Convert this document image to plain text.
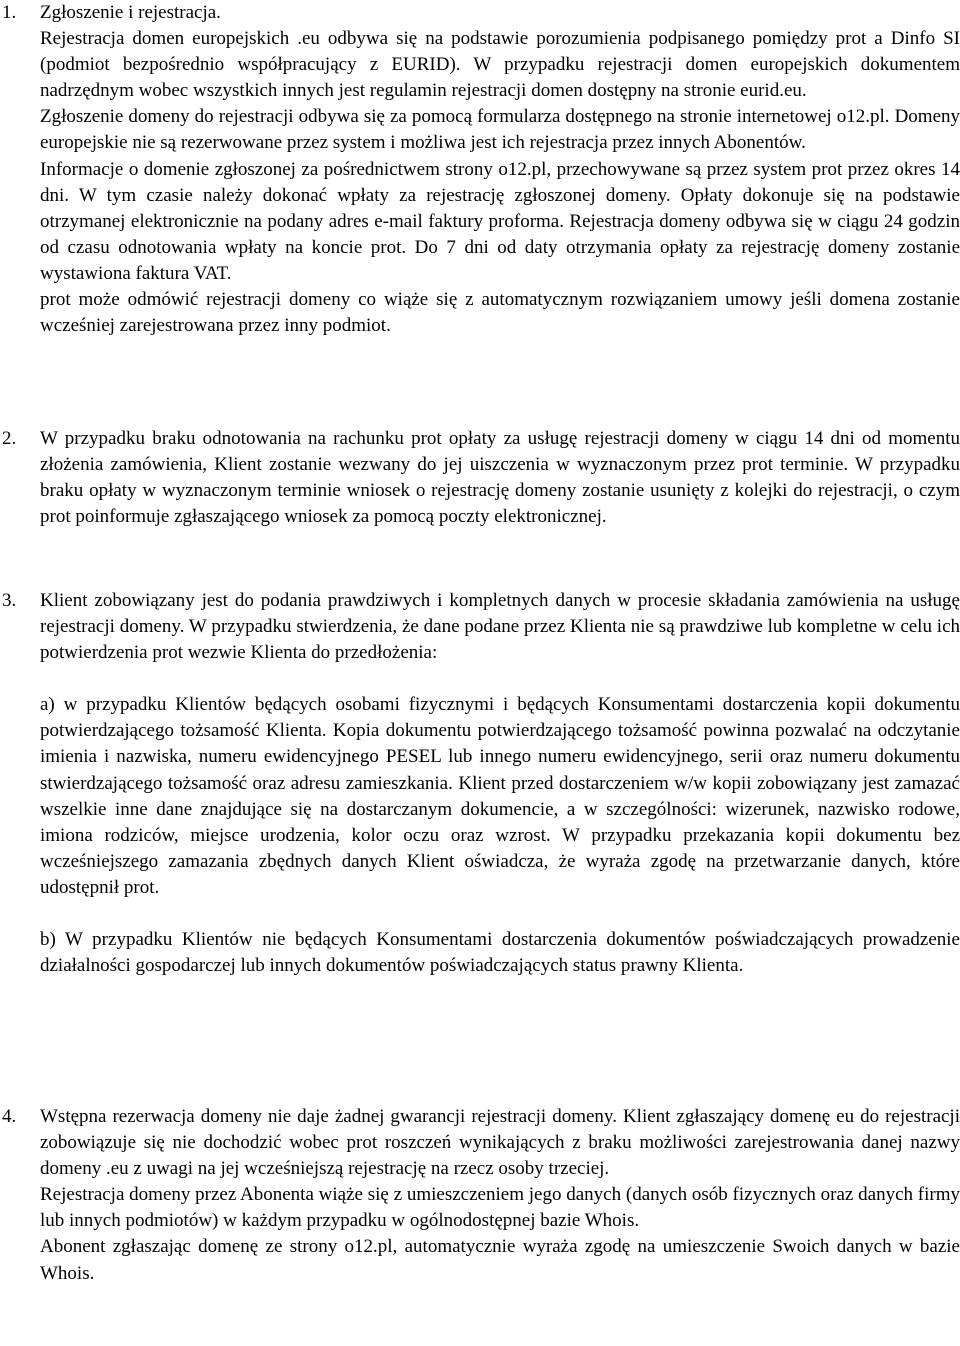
1.	Zgłoszenie i rejestracja.

Rejestracja domen europejskich .eu odbywa się na podstawie porozumienia podpisanego pomiędzy prot a Dinfo SI (podmiot bezpośrednio współpracujący z EURID). W przypadku rejestracji domen europejskich dokumentem nadrzędnym wobec wszystkich innych jest regulamin rejestracji domen dostępny na stronie eurid.eu.

Zgłoszenie domeny do rejestracji odbywa się za pomocą formularza dostępnego na stronie internetowej o12.pl. Domeny europejskie nie są rezerwowane przez system i możliwa jest ich rejestracja przez innych Abonentów.

Informacje o domenie zgłoszonej za pośrednictwem strony o12.pl, przechowywane są przez system prot przez okres 14 dni. W tym czasie należy dokonać wpłaty za rejestrację zgłoszonej domeny. Opłaty dokonuje się na podstawie otrzymanej elektronicznie na podany adres e-mail faktury proforma. Rejestracja domeny odbywa się w ciągu 24 godzin od czasu odnotowania wpłaty na koncie prot. Do 7 dni od daty otrzymania opłaty za rejestrację domeny zostanie wystawiona faktura VAT.

prot może odmówić rejestracji domeny co wiąże się z automatycznym rozwiązaniem umowy jeśli domena zostanie wcześniej zarejestrowana przez inny podmiot.

2.	W przypadku braku odnotowania na rachunku prot opłaty za usługę rejestracji domeny w ciągu 14 dni od momentu złożenia zamówienia, Klient zostanie wezwany do jej uiszczenia w wyznaczonym przez prot terminie. W przypadku braku opłaty w wyznaczonym terminie wniosek o rejestrację domeny zostanie usunięty z kolejki do rejestracji, o czym prot poinformuje zgłaszającego wniosek za pomocą poczty elektronicznej.

3.	Klient zobowiązany jest do podania prawdziwych i kompletnych danych w procesie składania zamówienia na usługę rejestracji domeny. W przypadku stwierdzenia, że dane podane przez Klienta nie są prawdziwe lub kompletne w celu ich potwierdzenia prot wezwie Klienta do przedłożenia:

a) w przypadku Klientów będących osobami fizycznymi i będących Konsumentami dostarczenia kopii dokumentu potwierdzającego tożsamość Klienta. Kopia dokumentu potwierdzającego tożsamość powinna pozwalać na odczytanie imienia i nazwiska, numeru ewidencyjnego PESEL lub innego numeru ewidencyjnego, serii oraz numeru dokumentu stwierdzającego tożsamość oraz adresu zamieszkania. Klient przed dostarczeniem w/w kopii zobowiązany jest zamazać wszelkie inne dane znajdujące się na dostarczanym dokumencie, a w szczególności: wizerunek, nazwisko rodowe, imiona rodziców, miejsce urodzenia, kolor oczu oraz wzrost. W przypadku przekazania kopii dokumentu bez wcześniejszego zamazania zbędnych danych Klient oświadcza, że wyraża zgodę na przetwarzanie danych, które udostępnił prot.

b) W przypadku Klientów nie będących Konsumentami dostarczenia dokumentów poświadczających prowadzenie działalności gospodarczej lub innych dokumentów poświadczających status prawny Klienta.

4.	Wstępna rezerwacja domeny nie daje żadnej gwarancji rejestracji domeny. Klient zgłaszający domenę eu do rejestracji zobowiązuje się nie dochodzić wobec prot roszczeń wynikających z braku możliwości zarejestrowania danej nazwy domeny .eu z uwagi na jej wcześniejszą rejestrację na rzecz osoby trzeciej.

Rejestracja domeny przez Abonenta wiąże się z umieszczeniem jego danych (danych osób fizycznych oraz danych firmy lub innych podmiotów) w każdym przypadku w ogólnodostępnej bazie Whois.

Abonent zgłaszając domenę ze strony o12.pl, automatycznie wyraża zgodę na umieszczenie Swoich danych w bazie Whois.
